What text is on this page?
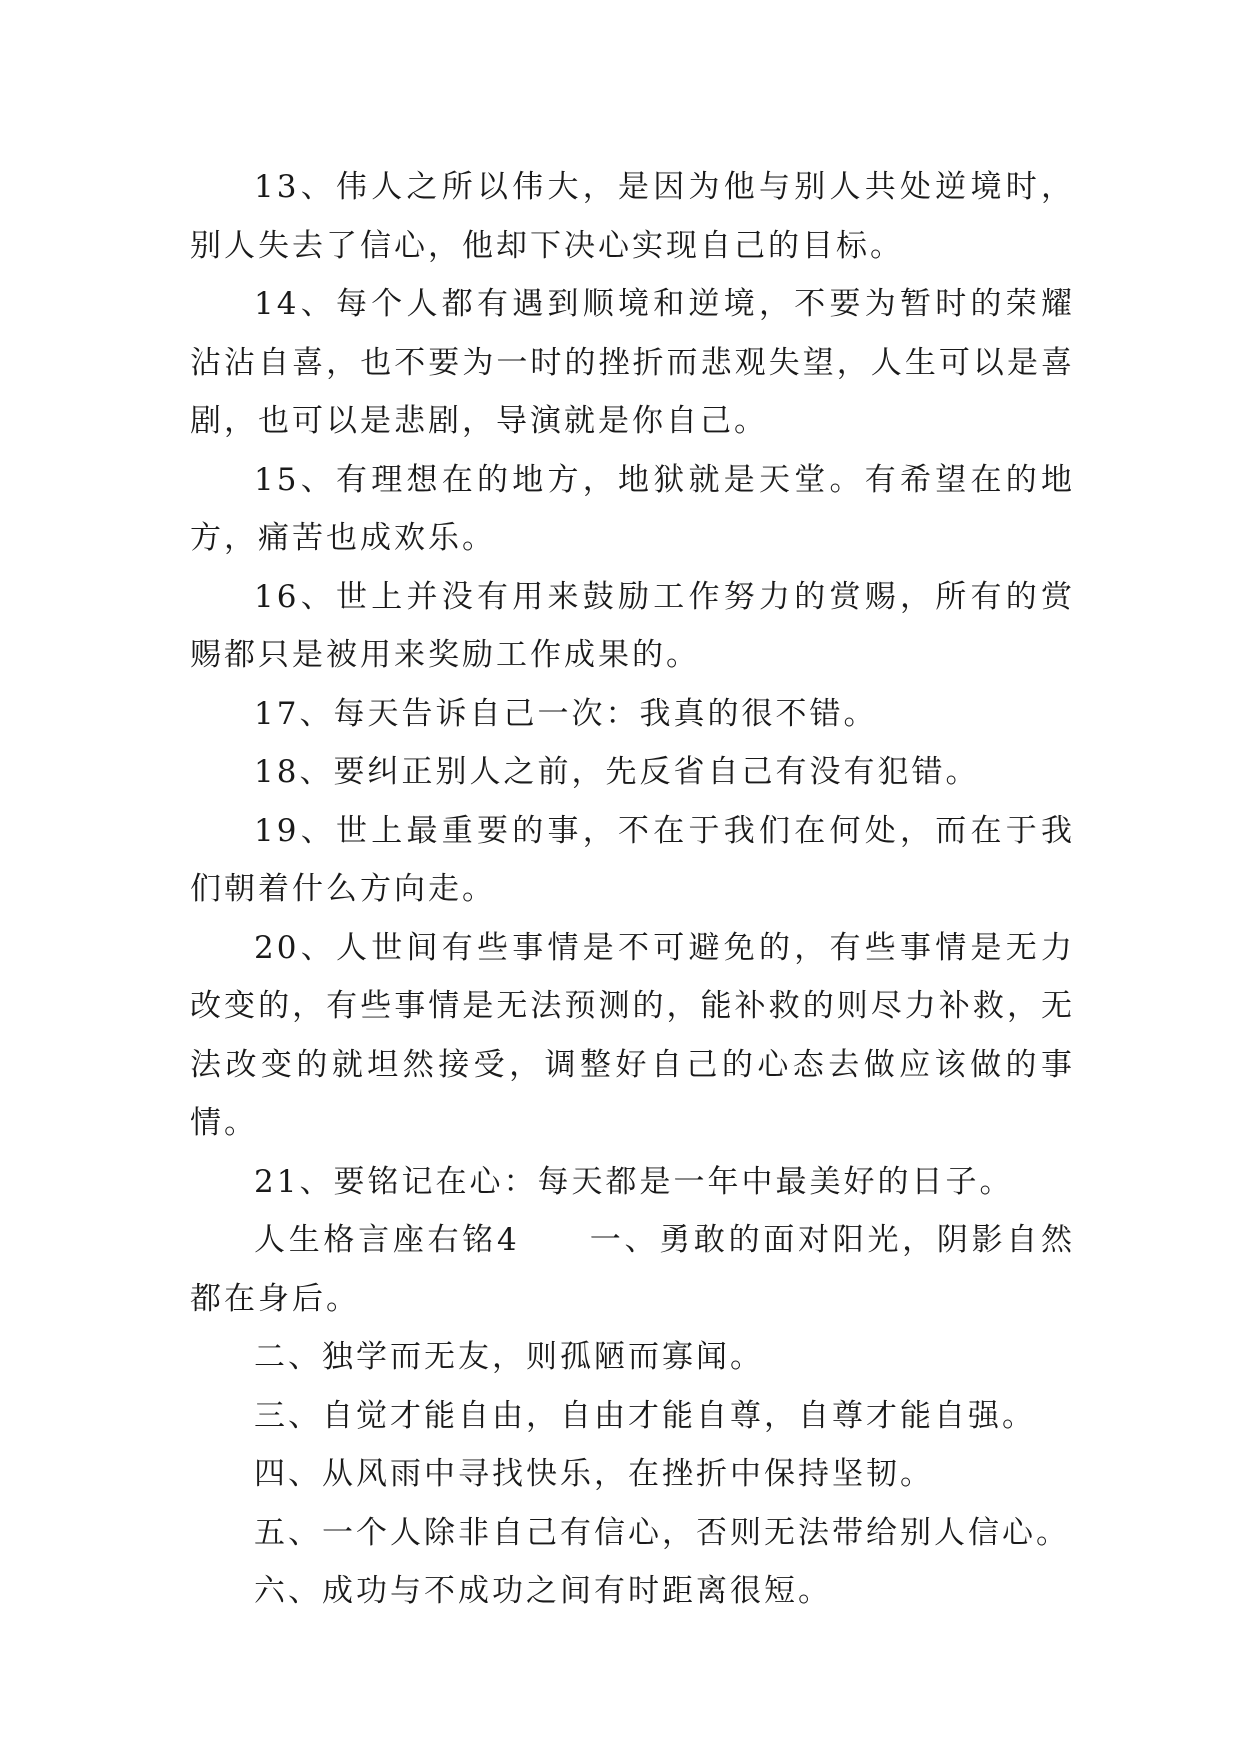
13、伟人之所以伟大，是因为他与别人共处逆境时，别人失去了信心，他却下决心实现自己的目标。

14、每个人都有遇到顺境和逆境，不要为暂时的荣耀沾沾自喜，也不要为一时的挫折而悲观失望，人生可以是喜剧，也可以是悲剧，导演就是你自己。

15、有理想在的地方，地狱就是天堂。有希望在的地方，痛苦也成欢乐。

16、世上并没有用来鼓励工作努力的赏赐，所有的赏赐都只是被用来奖励工作成果的。

17、每天告诉自己一次：我真的很不错。

18、要纠正别人之前，先反省自己有没有犯错。

19、世上最重要的事，不在于我们在何处，而在于我们朝着什么方向走。

20、人世间有些事情是不可避免的，有些事情是无力改变的，有些事情是无法预测的，能补救的则尽力补救，无法改变的就坦然接受，调整好自己的心态去做应该做的事情。

21、要铭记在心：每天都是一年中最美好的日子。

人生格言座右铭4　　一、勇敢的面对阳光，阴影自然都在身后。

二、独学而无友，则孤陋而寡闻。

三、自觉才能自由，自由才能自尊，自尊才能自强。

四、从风雨中寻找快乐，在挫折中保持坚韧。

五、一个人除非自己有信心，否则无法带给别人信心。

六、成功与不成功之间有时距离很短。
